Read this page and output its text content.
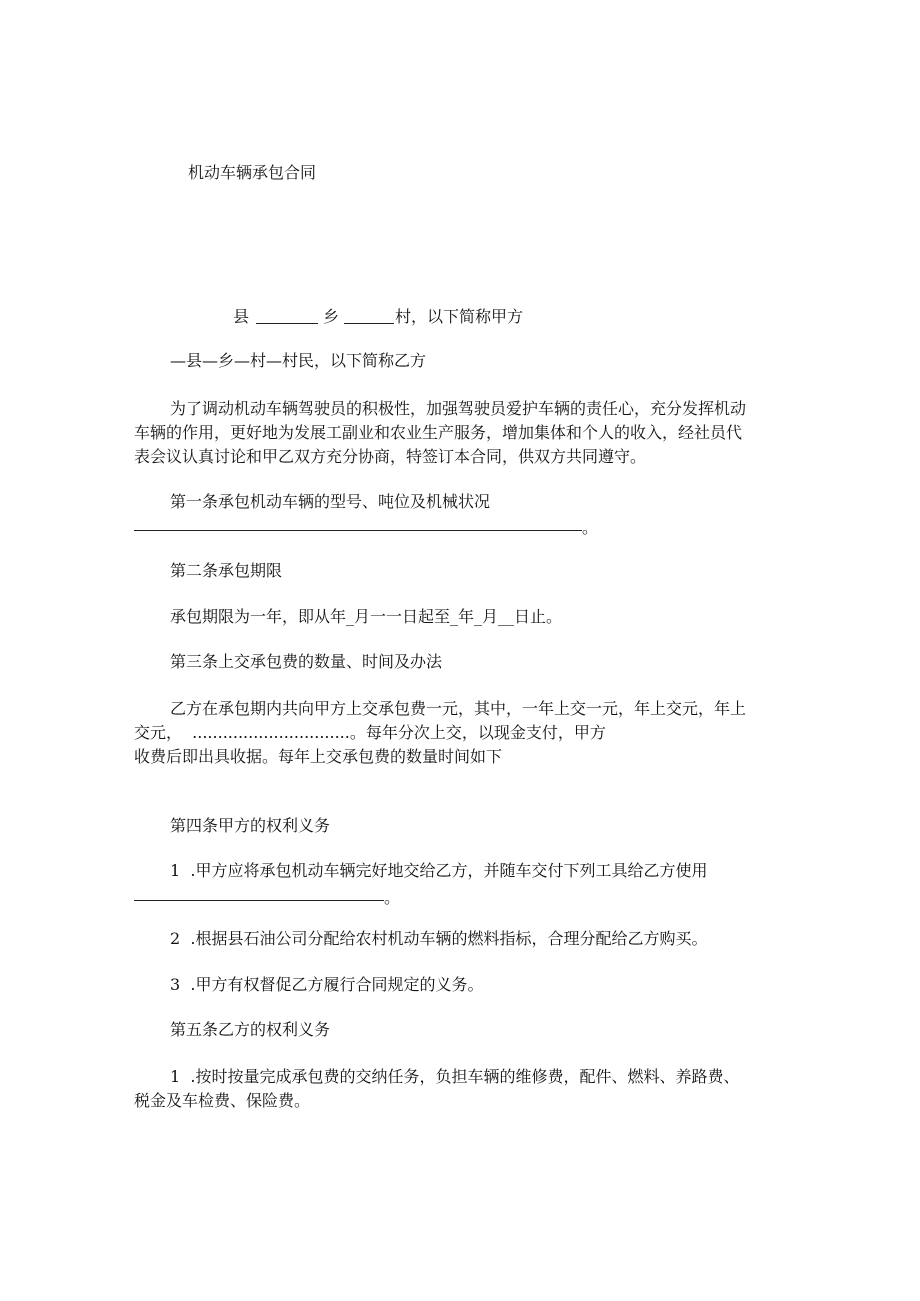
机动车辆承包合同
县	乡	村，以下简称甲方
—县—乡—村—村民，以下简称乙方
为了调动机动车辆驾驶员的积极性，加强驾驶员爱护车辆的责任心，充分发挥机动
车辆的作用，更好地为发展工副业和农业生产服务，增加集体和个人的收入，经社员代
表会议认真讨论和甲乙双方充分协商，特签订本合同，供双方共同遵守。
第一条承包机动车辆的型号、吨位及机械状况
。
第二条承包期限
承包期限为一年，即从年_月一一日起至_年_月__日止。
第三条上交承包费的数量、时间及办法
乙方在承包期内共向甲方上交承包费一元，其中，一年上交一元，年上交元，年上
交元，  ...............................。每年分次上交，以现金支付，甲方
收费后即出具收据。每年上交承包费的数量时间如下
第四条甲方的权利义务
1  .甲方应将承包机动车辆完好地交给乙方，并随车交付下列工具给乙方使用
。
2  .根据县石油公司分配给农村机动车辆的燃料指标，合理分配给乙方购买。
3  .甲方有权督促乙方履行合同规定的义务。
第五条乙方的权利义务
1  .按时按量完成承包费的交纳任务，负担车辆的维修费，配件、燃料、养路费、
税金及车检费、保险费。
